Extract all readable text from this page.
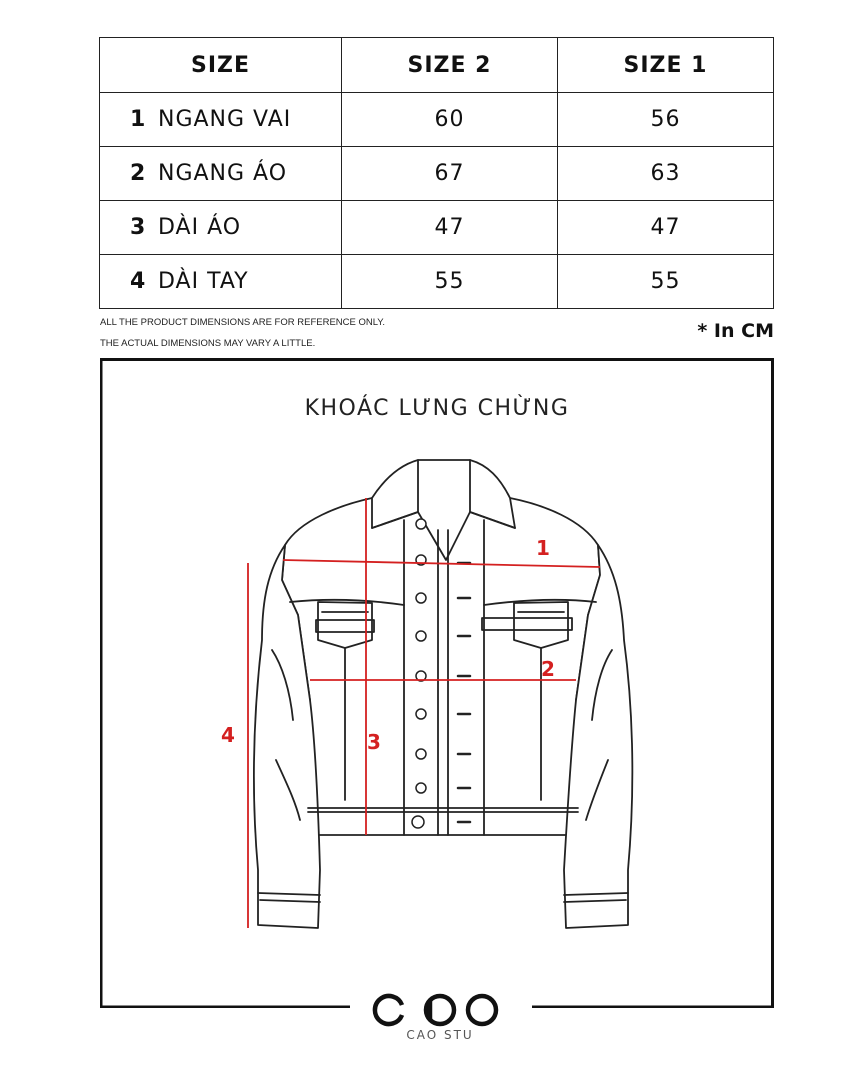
SIZE	SIZE 2	SIZE 1
1 NGANG VAI	60	56
2 NGANG ÁO	67	63
3 DÀI ÁO	47	47
4 DÀI TAY	55	55
ALL THE PRODUCT DIMENSIONS ARE FOR REFERENCE ONLY.
THE ACTUAL DIMENSIONS MAY VARY A LITTLE.
* In CM
KHOÁC LƯNG CHỪNG
1
2
3
4
CAO STU
